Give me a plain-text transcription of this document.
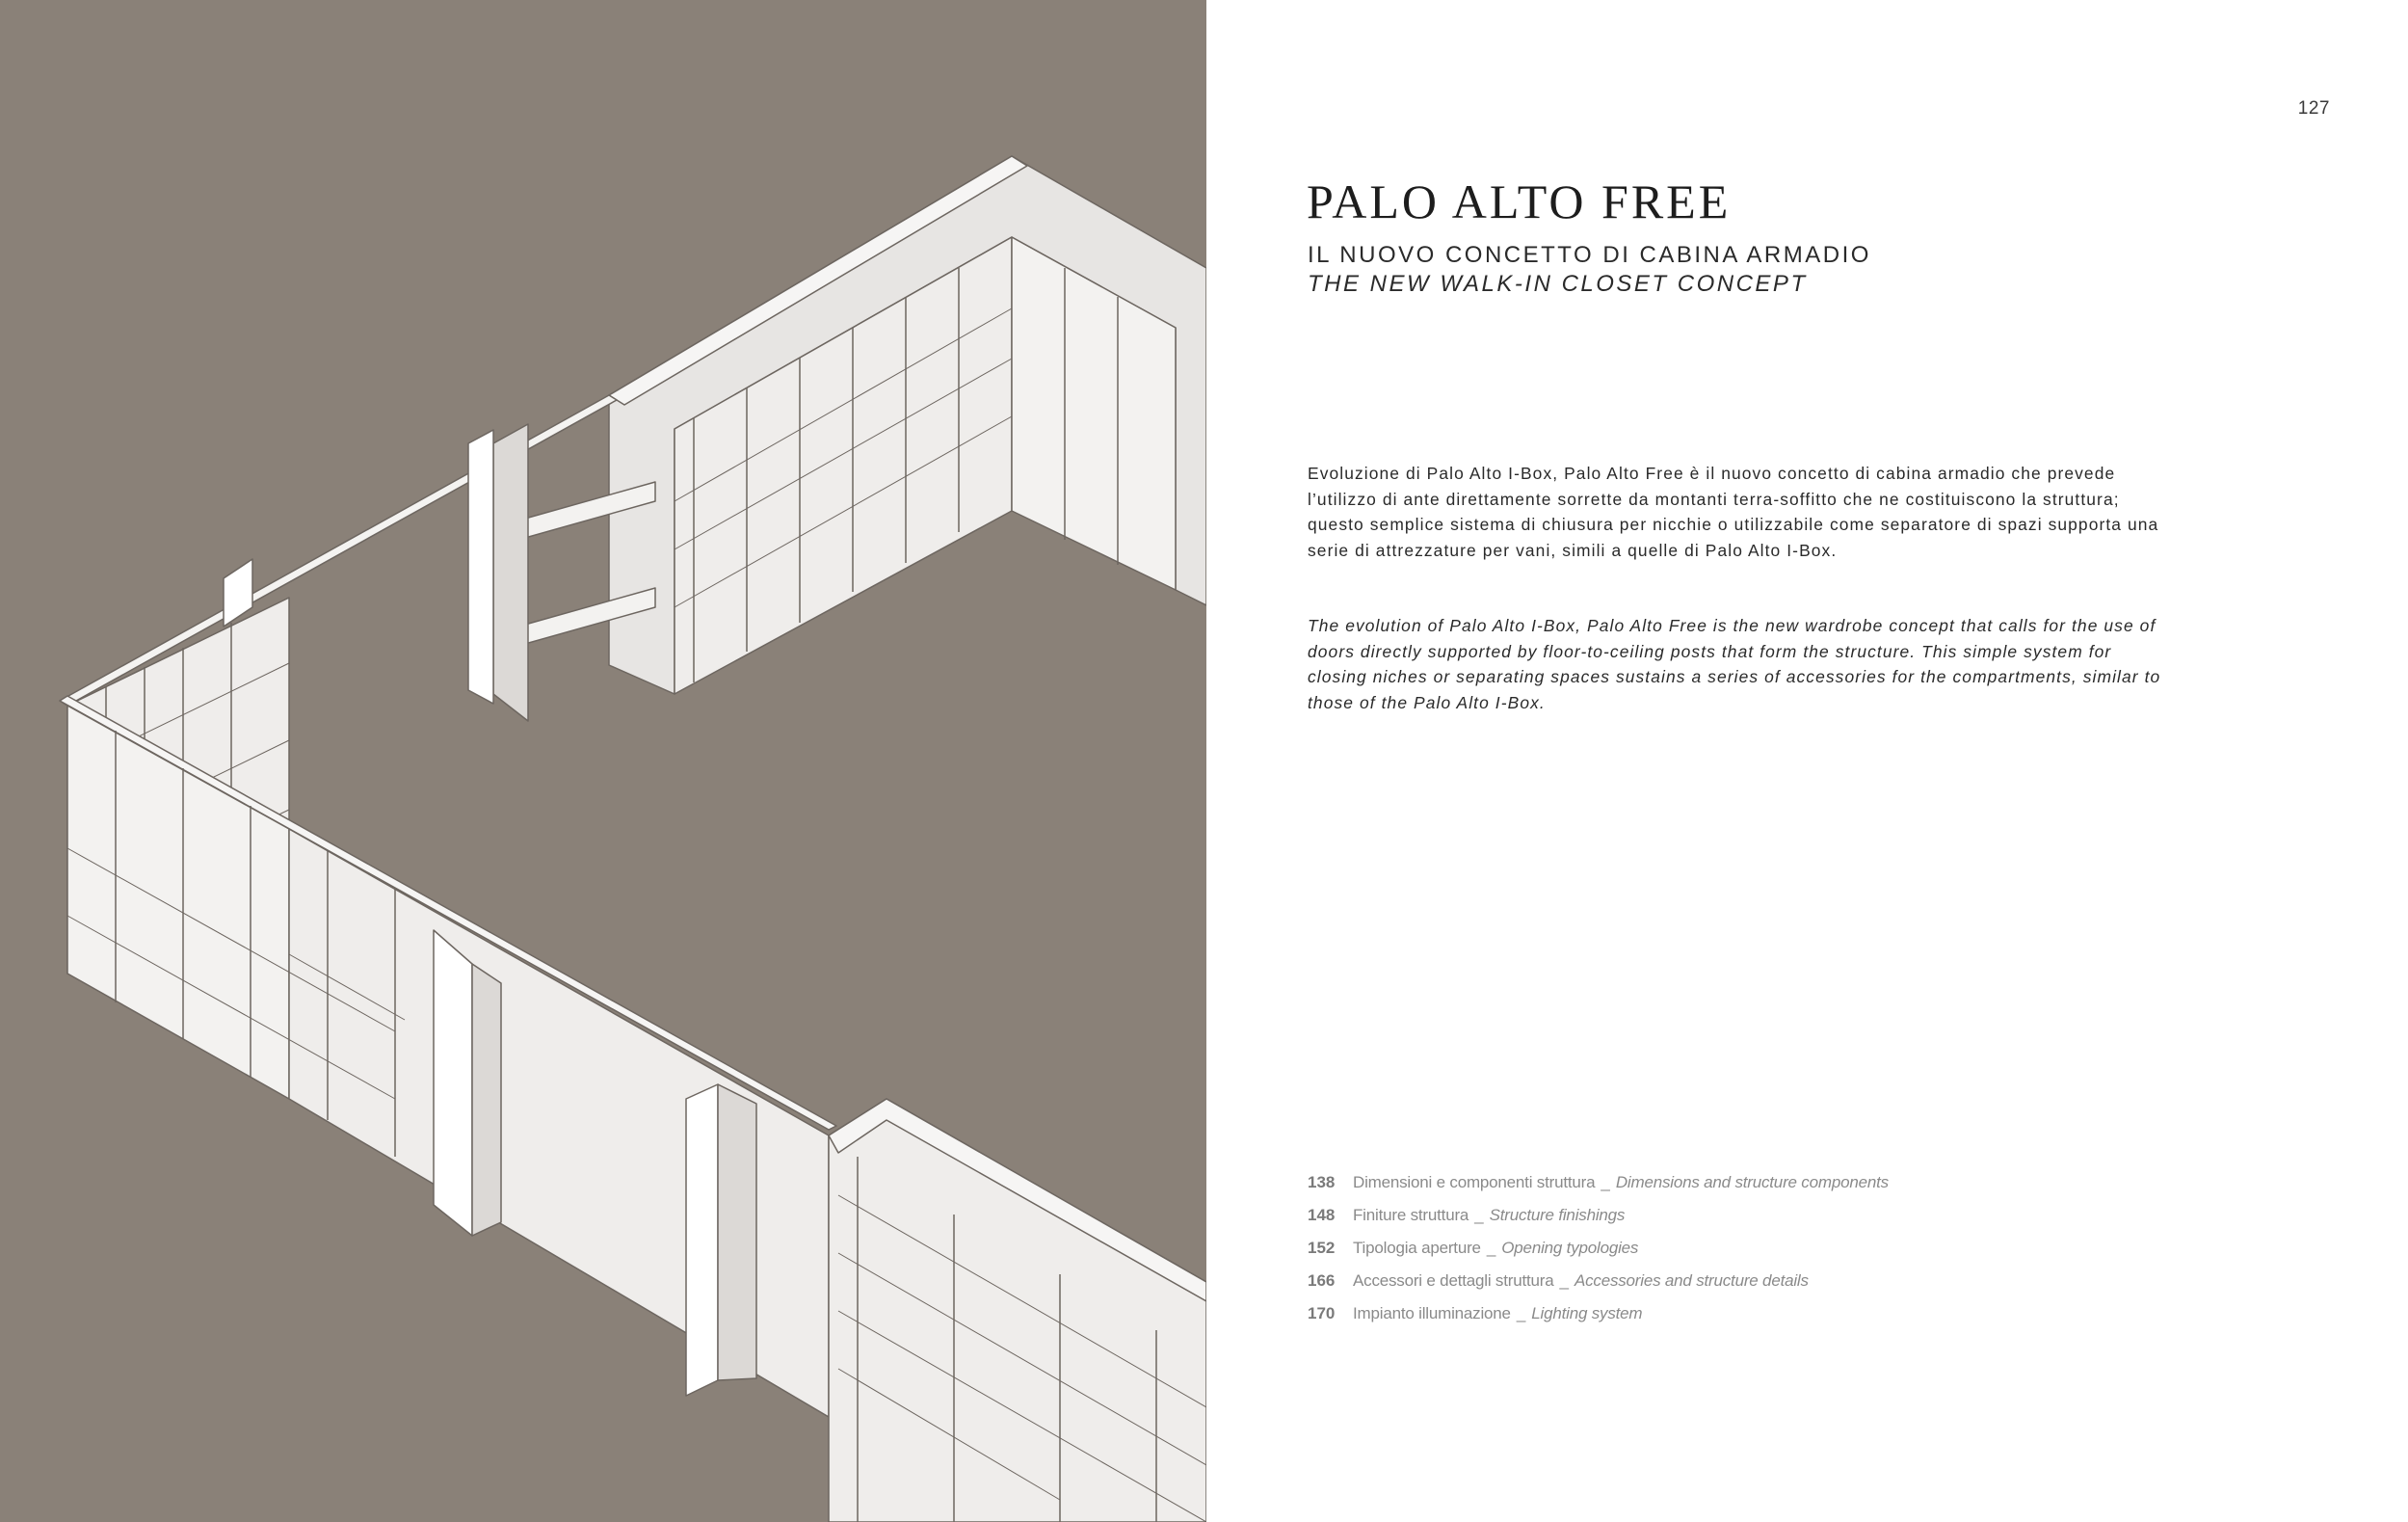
127
PALO ALTO FREE
IL NUOVO CONCETTO DI CABINA ARMADIO
THE NEW WALK-IN CLOSET CONCEPT

Evoluzione di Palo Alto I-Box, Palo Alto Free è il nuovo concetto di cabina armadio che prevede l’utilizzo di ante direttamente sorrette da montanti terra-soffitto che ne costituiscono la struttura; questo semplice sistema di chiusura per nicchie o utilizzabile come separatore di spazi supporta una serie di attrezzature per vani, simili a quelle di Palo Alto I-Box.

The evolution of Palo Alto I-Box, Palo Alto Free is the new wardrobe concept that calls for the use of doors directly supported by floor-to-ceiling posts that form the structure. This simple system for closing niches or separating spaces sustains a series of accessories for the compartments, similar to those of the Palo Alto I-Box.

138 Dimensioni e componenti struttura _ Dimensions and structure components
148 Finiture struttura _ Structure finishings
152 Tipologia aperture _ Opening typologies
166 Accessori e dettagli struttura _ Accessories and structure details
170 Impianto illuminazione _ Lighting system
